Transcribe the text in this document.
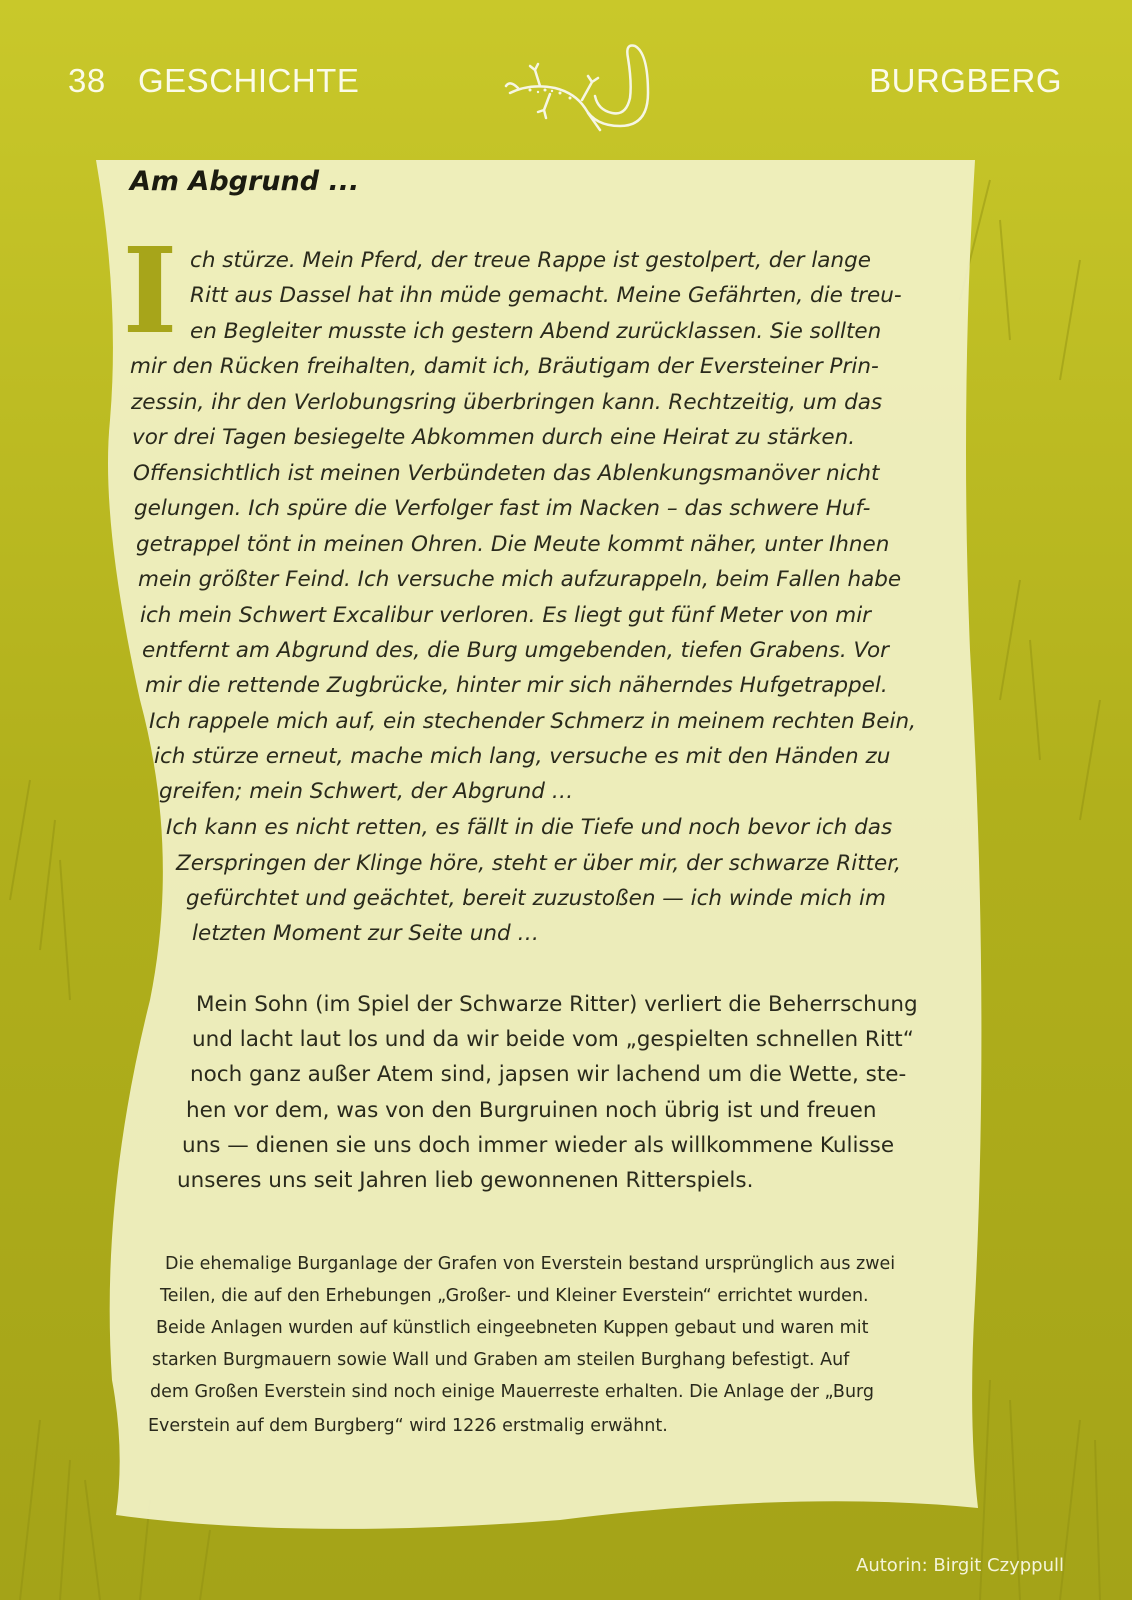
38 GESCHICHTE	BURGBERG
Am Abgrund ...
I ch stürze. Mein Pferd, der treue Rappe ist gestolpert, der lange
Ritt aus Dassel hat ihn müde gemacht. Meine Gefährten, die treu-
en Begleiter musste ich gestern Abend zurücklassen. Sie sollten
mir den Rücken freihalten, damit ich, Bräutigam der Eversteiner Prin-
zessin, ihr den Verlobungsring überbringen kann. Rechtzeitig, um das
vor drei Tagen besiegelte Abkommen durch eine Heirat zu stärken.
Offensichtlich ist meinen Verbündeten das Ablenkungsmanöver nicht
gelungen. Ich spüre die Verfolger fast im Nacken – das schwere Huf-
getrappel tönt in meinen Ohren. Die Meute kommt näher, unter Ihnen
mein größter Feind. Ich versuche mich aufzurappeln, beim Fallen habe
ich mein Schwert Excalibur verloren. Es liegt gut fünf Meter von mir
entfernt am Abgrund des, die Burg umgebenden, tiefen Grabens. Vor
mir die rettende Zugbrücke, hinter mir sich näherndes Hufgetrappel.
Ich rappele mich auf, ein stechender Schmerz in meinem rechten Bein,
ich stürze erneut, mache mich lang, versuche es mit den Händen zu
greifen; mein Schwert, der Abgrund …
Ich kann es nicht retten, es fällt in die Tiefe und noch bevor ich das
Zerspringen der Klinge höre, steht er über mir, der schwarze Ritter,
gefürchtet und geächtet, bereit zuzustoßen — ich winde mich im
letzten Moment zur Seite und …
Mein Sohn (im Spiel der Schwarze Ritter) verliert die Beherrschung
und lacht laut los und da wir beide vom „gespielten schnellen Ritt“
noch ganz außer Atem sind, japsen wir lachend um die Wette, ste-
hen vor dem, was von den Burgruinen noch übrig ist und freuen
uns — dienen sie uns doch immer wieder als willkommene Kulisse
unseres uns seit Jahren lieb gewonnenen Ritterspiels.
Die ehemalige Burganlage der Grafen von Everstein bestand ursprünglich aus zwei
Teilen, die auf den Erhebungen „Großer- und Kleiner Everstein“ errichtet wurden.
Beide Anlagen wurden auf künstlich eingeebneten Kuppen gebaut und waren mit
starken Burgmauern sowie Wall und Graben am steilen Burghang befestigt. Auf
dem Großen Everstein sind noch einige Mauerreste erhalten. Die Anlage der „Burg
Everstein auf dem Burgberg“ wird 1226 erstmalig erwähnt.
Autorin: Birgit Czyppull
